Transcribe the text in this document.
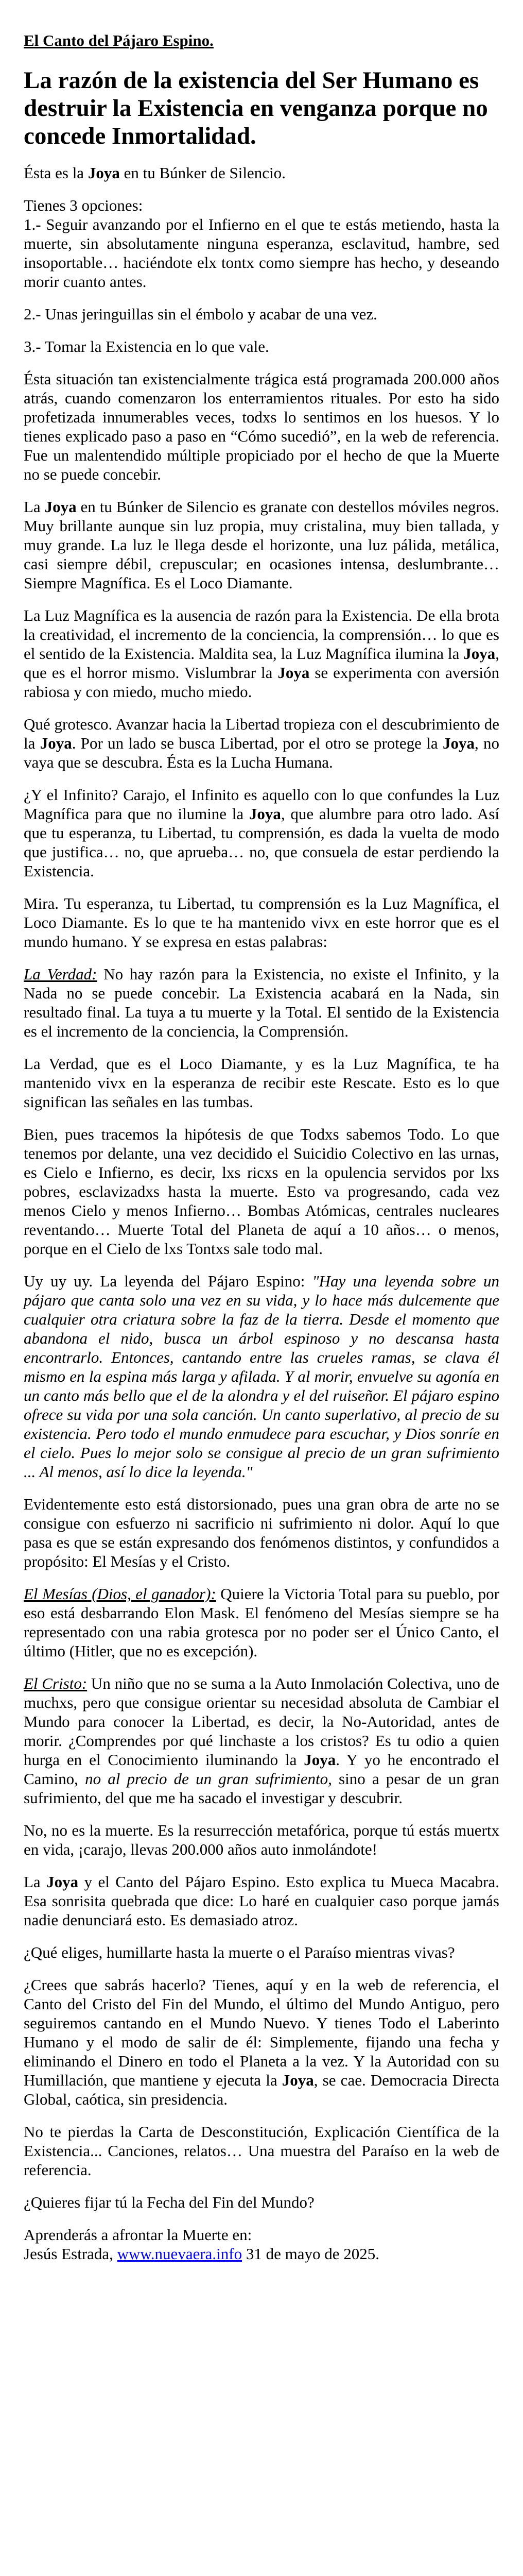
El Canto del Pájaro Espino.
La razón de la existencia del Ser Humano es destruir la Existencia en venganza porque no concede Inmortalidad.

Ésta es la Joya en tu Búnker de Silencio.

Tienes 3 opciones:

1.- Seguir avanzando por el Infierno en el que te estás metiendo, hasta la muerte, sin absolutamente ninguna esperanza, esclavitud, hambre, sed insoportable… haciéndote elx tontx como siempre has hecho, y deseando morir cuanto antes.

2.- Unas jeringuillas sin el émbolo y acabar de una vez.

3.- Tomar la Existencia en lo que vale.

Ésta situación tan existencialmente trágica está programada 200.000 años atrás, cuando comenzaron los enterramientos rituales. Por esto ha sido profetizada innumerables veces, todxs lo sentimos en los huesos. Y lo tienes explicado paso a paso en “Cómo sucedió”, en la web de referencia. Fue un malentendido múltiple propiciado por el hecho de que la Muerte no se puede concebir.

La Joya en tu Búnker de Silencio es granate con destellos móviles negros. Muy brillante aunque sin luz propia, muy cristalina, muy bien tallada, y muy grande. La luz le llega desde el horizonte, una luz pálida, metálica, casi siempre débil, crepuscular; en ocasiones intensa, deslumbrante… Siempre Magnífica. Es el Loco Diamante.

La Luz Magnífica es la ausencia de razón para la Existencia. De ella brota la creatividad, el incremento de la conciencia, la comprensión… lo que es el sentido de la Existencia. Maldita sea, la Luz Magnífica ilumina la Joya, que es el horror mismo. Vislumbrar la Joya se experimenta con aversión rabiosa y con miedo, mucho miedo.

Qué grotesco. Avanzar hacia la Libertad tropieza con el descubrimiento de la Joya. Por un lado se busca Libertad, por el otro se protege la Joya, no vaya que se descubra. Ésta es la Lucha Humana.

¿Y el Infinito? Carajo, el Infinito es aquello con lo que confundes la Luz Magnífica para que no ilumine la Joya, que alumbre para otro lado. Así que tu esperanza, tu Libertad, tu comprensión, es dada la vuelta de modo que justifica… no, que aprueba… no, que consuela de estar perdiendo la Existencia.

Mira. Tu esperanza, tu Libertad, tu comprensión es la Luz Magnífica, el Loco Diamante. Es lo que te ha mantenido vivx en este horror que es el mundo humano. Y se expresa en estas palabras:

La Verdad: No hay razón para la Existencia, no existe el Infinito, y la Nada no se puede concebir. La Existencia acabará en la Nada, sin resultado final. La tuya a tu muerte y la Total. El sentido de la Existencia es el incremento de la conciencia, la Comprensión.

La Verdad, que es el Loco Diamante, y es la Luz Magnífica, te ha mantenido vivx en la esperanza de recibir este Rescate. Esto es lo que significan las señales en las tumbas.

Bien, pues tracemos la hipótesis de que Todxs sabemos Todo. Lo que tenemos por delante, una vez decidido el Suicidio Colectivo en las urnas, es Cielo e Infierno, es decir, lxs ricxs en la opulencia servidos por lxs pobres, esclavizadxs hasta la muerte. Esto va progresando, cada vez menos Cielo y menos Infierno… Bombas Atómicas, centrales nucleares reventando… Muerte Total del Planeta de aquí a 10 años… o menos, porque en el Cielo de lxs Tontxs sale todo mal.

Uy uy uy. La leyenda del Pájaro Espino: "Hay una leyenda sobre un pájaro que canta solo una vez en su vida, y lo hace más dulcemente que cualquier otra criatura sobre la faz de la tierra. Desde el momento que abandona el nido, busca un árbol espinoso y no descansa hasta encontrarlo. Entonces, cantando entre las crueles ramas, se clava él mismo en la espina más larga y afilada. Y al morir, envuelve su agonía en un canto más bello que el de la alondra y el del ruiseñor. El pájaro espino ofrece su vida por una sola canción. Un canto superlativo, al precio de su existencia. Pero todo el mundo enmudece para escuchar, y Dios sonríe en el cielo. Pues lo mejor solo se consigue al precio de un gran sufrimiento ... Al menos, así lo dice la leyenda."

Evidentemente esto está distorsionado, pues una gran obra de arte no se consigue con esfuerzo ni sacrificio ni sufrimiento ni dolor. Aquí lo que pasa es que se están expresando dos fenómenos distintos, y confundidos a propósito: El Mesías y el Cristo.

El Mesías (Dios, el ganador): Quiere la Victoria Total para su pueblo, por eso está desbarrando Elon Mask. El fenómeno del Mesías siempre se ha representado con una rabia grotesca por no poder ser el Único Canto, el último (Hitler, que no es excepción).

El Cristo: Un niño que no se suma a la Auto Inmolación Colectiva, uno de muchxs, pero que consigue orientar su necesidad absoluta de Cambiar el Mundo para conocer la Libertad, es decir, la No-Autoridad, antes de morir. ¿Comprendes por qué linchaste a los cristos? Es tu odio a quien hurga en el Conocimiento iluminando la Joya. Y yo he encontrado el Camino, no al precio de un gran sufrimiento, sino a pesar de un gran sufrimiento, del que me ha sacado el investigar y descubrir.

No, no es la muerte. Es la resurrección metafórica, porque tú estás muertx en vida, ¡carajo, llevas 200.000 años auto inmolándote!

La Joya y el Canto del Pájaro Espino. Esto explica tu Mueca Macabra. Esa sonrisita quebrada que dice: Lo haré en cualquier caso porque jamás nadie denunciará esto. Es demasiado atroz.

¿Qué eliges, humillarte hasta la muerte o el Paraíso mientras vivas?

¿Crees que sabrás hacerlo? Tienes, aquí y en la web de referencia, el Canto del Cristo del Fin del Mundo, el último del Mundo Antiguo, pero seguiremos cantando en el Mundo Nuevo. Y tienes Todo el Laberinto Humano y el modo de salir de él: Simplemente, fijando una fecha y eliminando el Dinero en todo el Planeta a la vez. Y la Autoridad con su Humillación, que mantiene y ejecuta la Joya, se cae. Democracia Directa Global, caótica, sin presidencia.

No te pierdas la Carta de Desconstitución, Explicación Científica de la Existencia... Canciones, relatos… Una muestra del Paraíso en la web de referencia.

¿Quieres fijar tú la Fecha del Fin del Mundo?

Aprenderás a afrontar la Muerte en:

Jesús Estrada, www.nuevaera.info 31 de mayo de 2025.
